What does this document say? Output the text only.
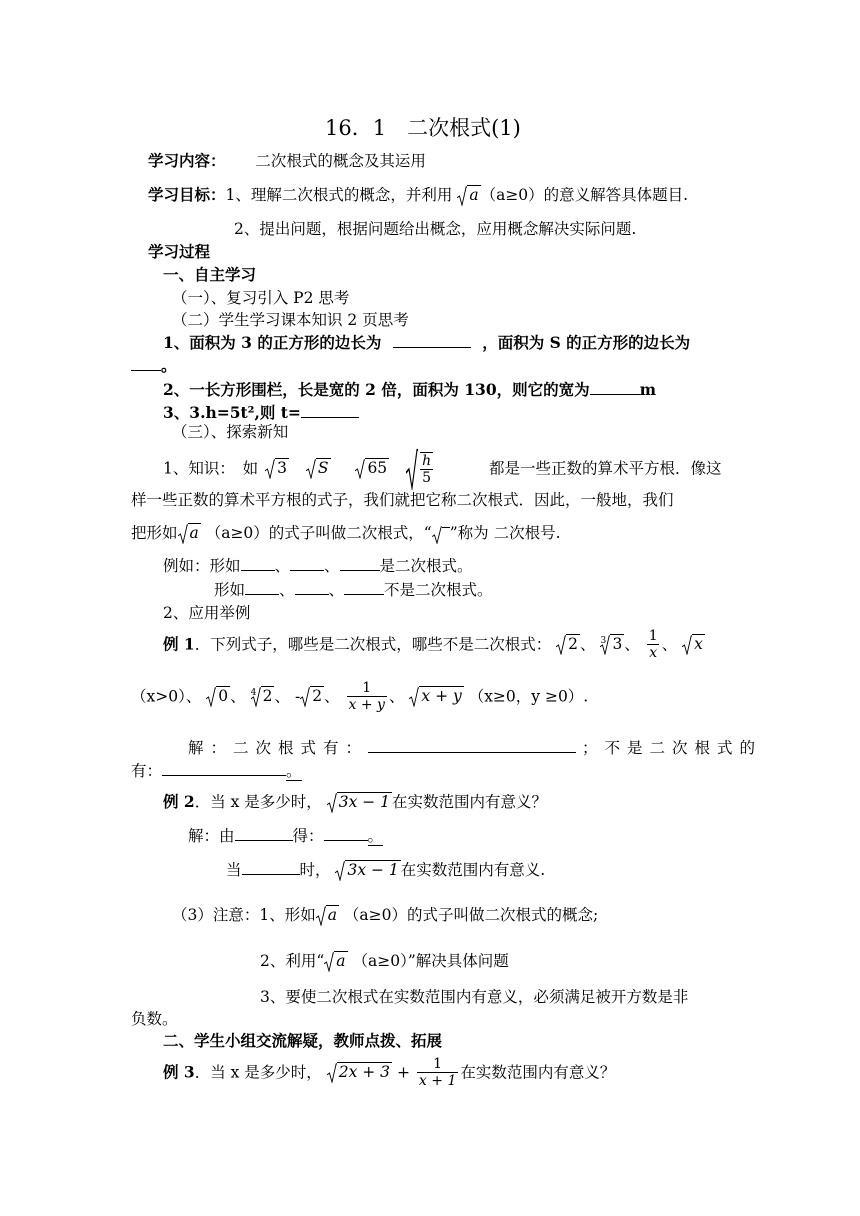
16．1　二次根式(1)
学习内容： 二次根式的概念及其运用
学习目标：1、理解二次根式的概念，并利用 a （a≥0）的意义解答具体题目.
2、提出问题，根据问题给出概念，应用概念解决实际问题.
学习过程
一、自主学习
（一）、复习引入 P2 思考
（二）学生学习课本知识 2 页思考
1、面积为 3 的正方形的边长为	，面积为 S 的正方形的边长为
。
2、一长方形围栏，长是宽的 2 倍，面积为 130，则它的宽为	m
3、3.h=5t²,则 t=
（三）、探索新知
1、知识：　如 3 S	$65 \frac{h}{5}$	都是一些正数的算术平方根．像这
样一些正数的算术平方根的式子，我们就把它称二次根式．因此，一般地，我们
把形如 a （a≥0）的式子叫做二次根式，“ ”称为 二次根号.
例如：形如 、 、	是二次根式。
形如 、 、	不是二次根式。
2、应用举例
例 1．下列式子，哪些是二次根式，哪些不是二次根式： 2 、 3 3 、 $\frac{1}{x}$ 、 x
（x>0）、 0 、 4 2 、 - 2 、 $\frac{1}{x + y}$ 、 x + y （x≥0，y ≥0）.
解：二次根式有：	；不是二次根式的
有：	。
例 2．当 x 是多少时， 3x − 1 在实数范围内有意义？
解：由	得：	。
当	时， 3x − 1 在实数范围内有意义.
（3）注意：1、形如 a （a≥0）的式子叫做二次根式的概念;
2、利用“ a （a≥0）”解决具体问题
3、要使二次根式在实数范围内有意义，必须满足被开方数是非
负数。
二、学生小组交流解疑，教师点拨、拓展
例 3．当 x 是多少时， $2x + 3 + \frac{1}{x + 1}$ 在实数范围内有意义？
